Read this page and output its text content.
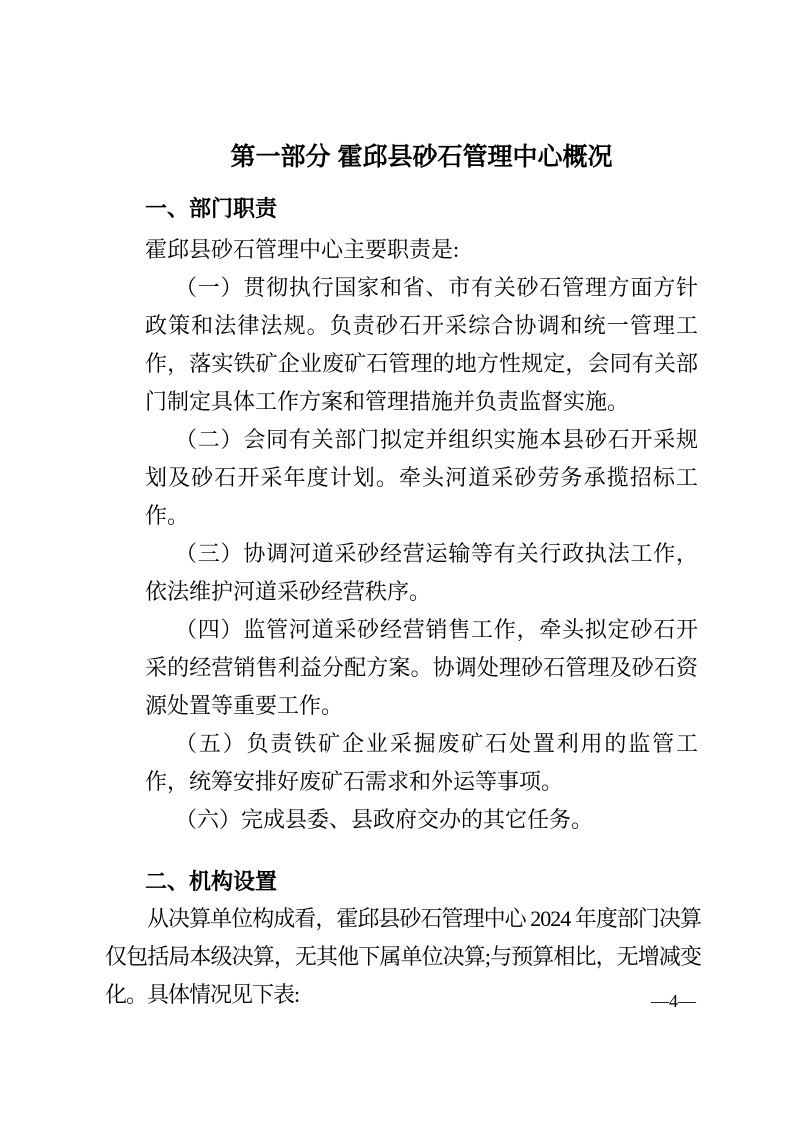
第一部分 霍邱县砂石管理中心概况
一、部门职责

霍邱县砂石管理中心主要职责是:

（一）贯彻执行国家和省、市有关砂石管理方面方针政策和法律法规。负责砂石开采综合协调和统一管理工作，落实铁矿企业废矿石管理的地方性规定，会同有关部门制定具体工作方案和管理措施并负责监督实施。

（二）会同有关部门拟定并组织实施本县砂石开采规划及砂石开采年度计划。牵头河道采砂劳务承揽招标工作。

（三）协调河道采砂经营运输等有关行政执法工作，依法维护河道采砂经营秩序。

（四）监管河道采砂经营销售工作，牵头拟定砂石开采的经营销售利益分配方案。协调处理砂石管理及砂石资源处置等重要工作。

（五）负责铁矿企业采掘废矿石处置利用的监管工作，统筹安排好废矿石需求和外运等事项。

（六）完成县委、县政府交办的其它任务。

二、机构设置

从决算单位构成看，霍邱县砂石管理中心 2024 年度部门决算仅包括局本级决算，无其他下属单位决算;与预算相比，无增减变化。具体情况见下表:	—4—
